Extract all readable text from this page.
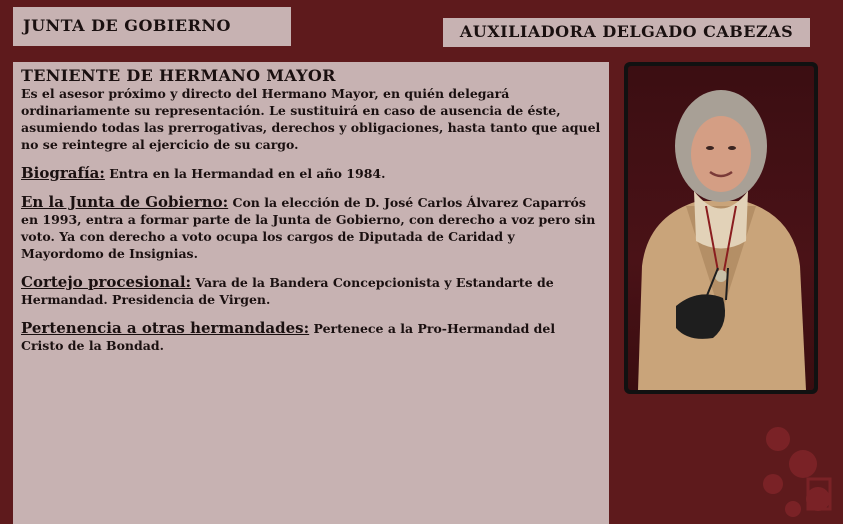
JUNTA DE GOBIERNO	AUXILIADORA DELGADO CABEZAS
TENIENTE DE HERMANO MAYOR

Es el asesor próximo y directo del Hermano Mayor, en quién delegará ordinariamente su representación. Le sustituirá en caso de ausencia de éste, asumiendo todas las prerrogativas, derechos y obligaciones, hasta tanto que aquel no se reintegre al ejercicio de su cargo.

Biografía: Entra en la Hermandad en el año 1984.

En la Junta de Gobierno: Con la elección de D. José Carlos Álvarez Caparrós en 1993, entra a formar parte de la Junta de Gobierno, con derecho a voz pero sin voto. Ya con derecho a voto ocupa los cargos de Diputada de Caridad y Mayordomo de Insignias.

Cortejo procesional: Vara de la Bandera Concepcionista y Estandarte de Hermandad. Presidencia de Virgen.

Pertenencia a otras hermandades: Pertenece a la Pro-Hermandad del Cristo de la Bondad.
